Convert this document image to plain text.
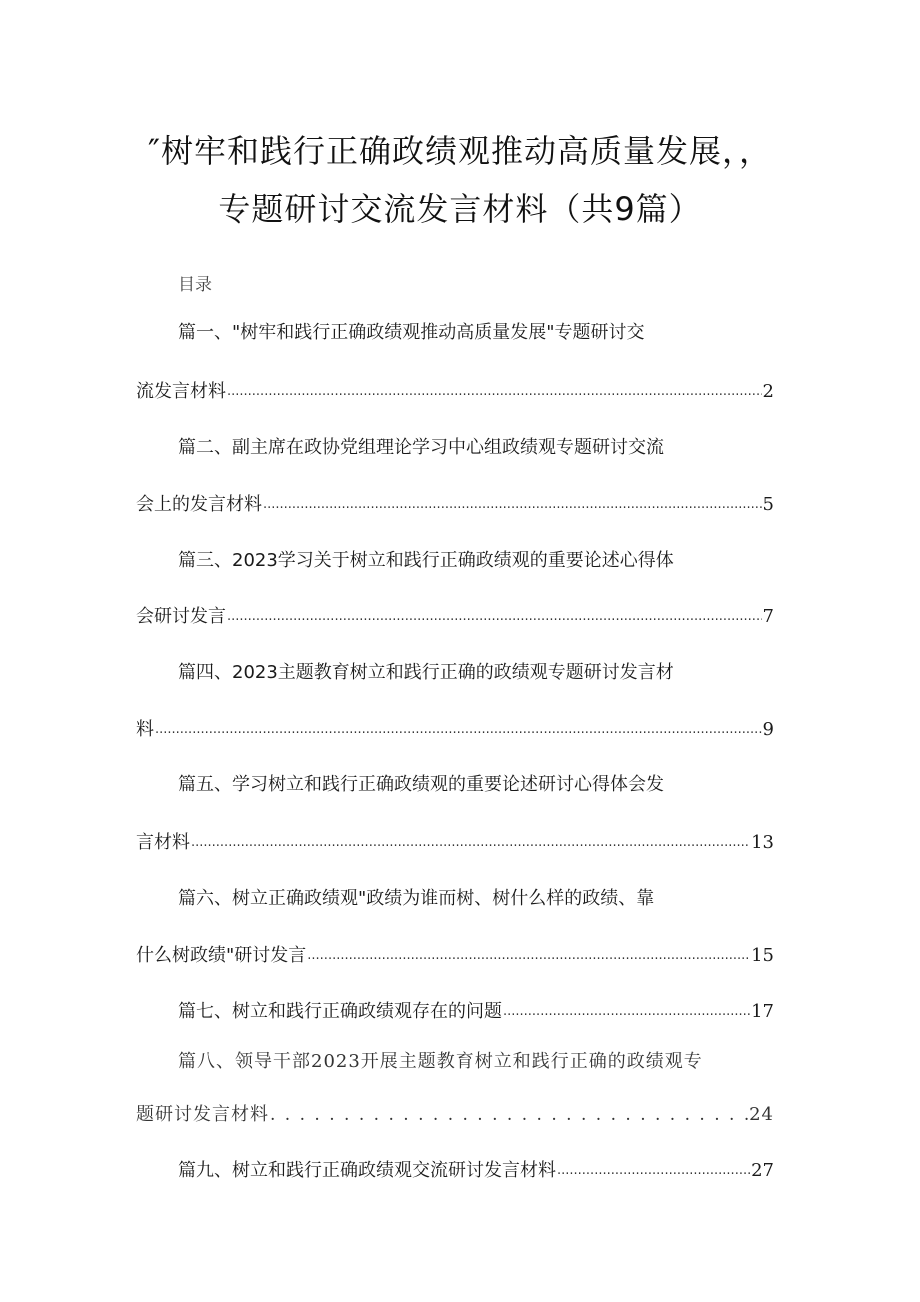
″树牢和践行正确政绩观推动高质量发展，，
专题研讨交流发言材料（共9篇）
目录
篇一、"树牢和践行正确政绩观推动高质量发展"专题研讨交
流发言材料 .....	2
篇二、副主席在政协党组理论学习中心组政绩观专题研讨交流
会上的发言材料 .....	5
篇三、2023学习关于树立和践行正确政绩观的重要论述心得体
会研讨发言 .....	7
篇四、2023主题教育树立和践行正确的政绩观专题研讨发言材
料 .....	9
篇五、学习树立和践行正确政绩观的重要论述研讨心得体会发
言材料 .....	13
篇六、树立正确政绩观"政绩为谁而树、树什么样的政绩、靠
什么树政绩"研讨发言 .....	15
篇七、树立和践行正确政绩观存在的问题 .....	17
篇八、领导干部2023开展主题教育树立和践行正确的政绩观专
题研讨发言材料 . . .	24
篇九、树立和践行正确政绩观交流研讨发言材料 .....	27
